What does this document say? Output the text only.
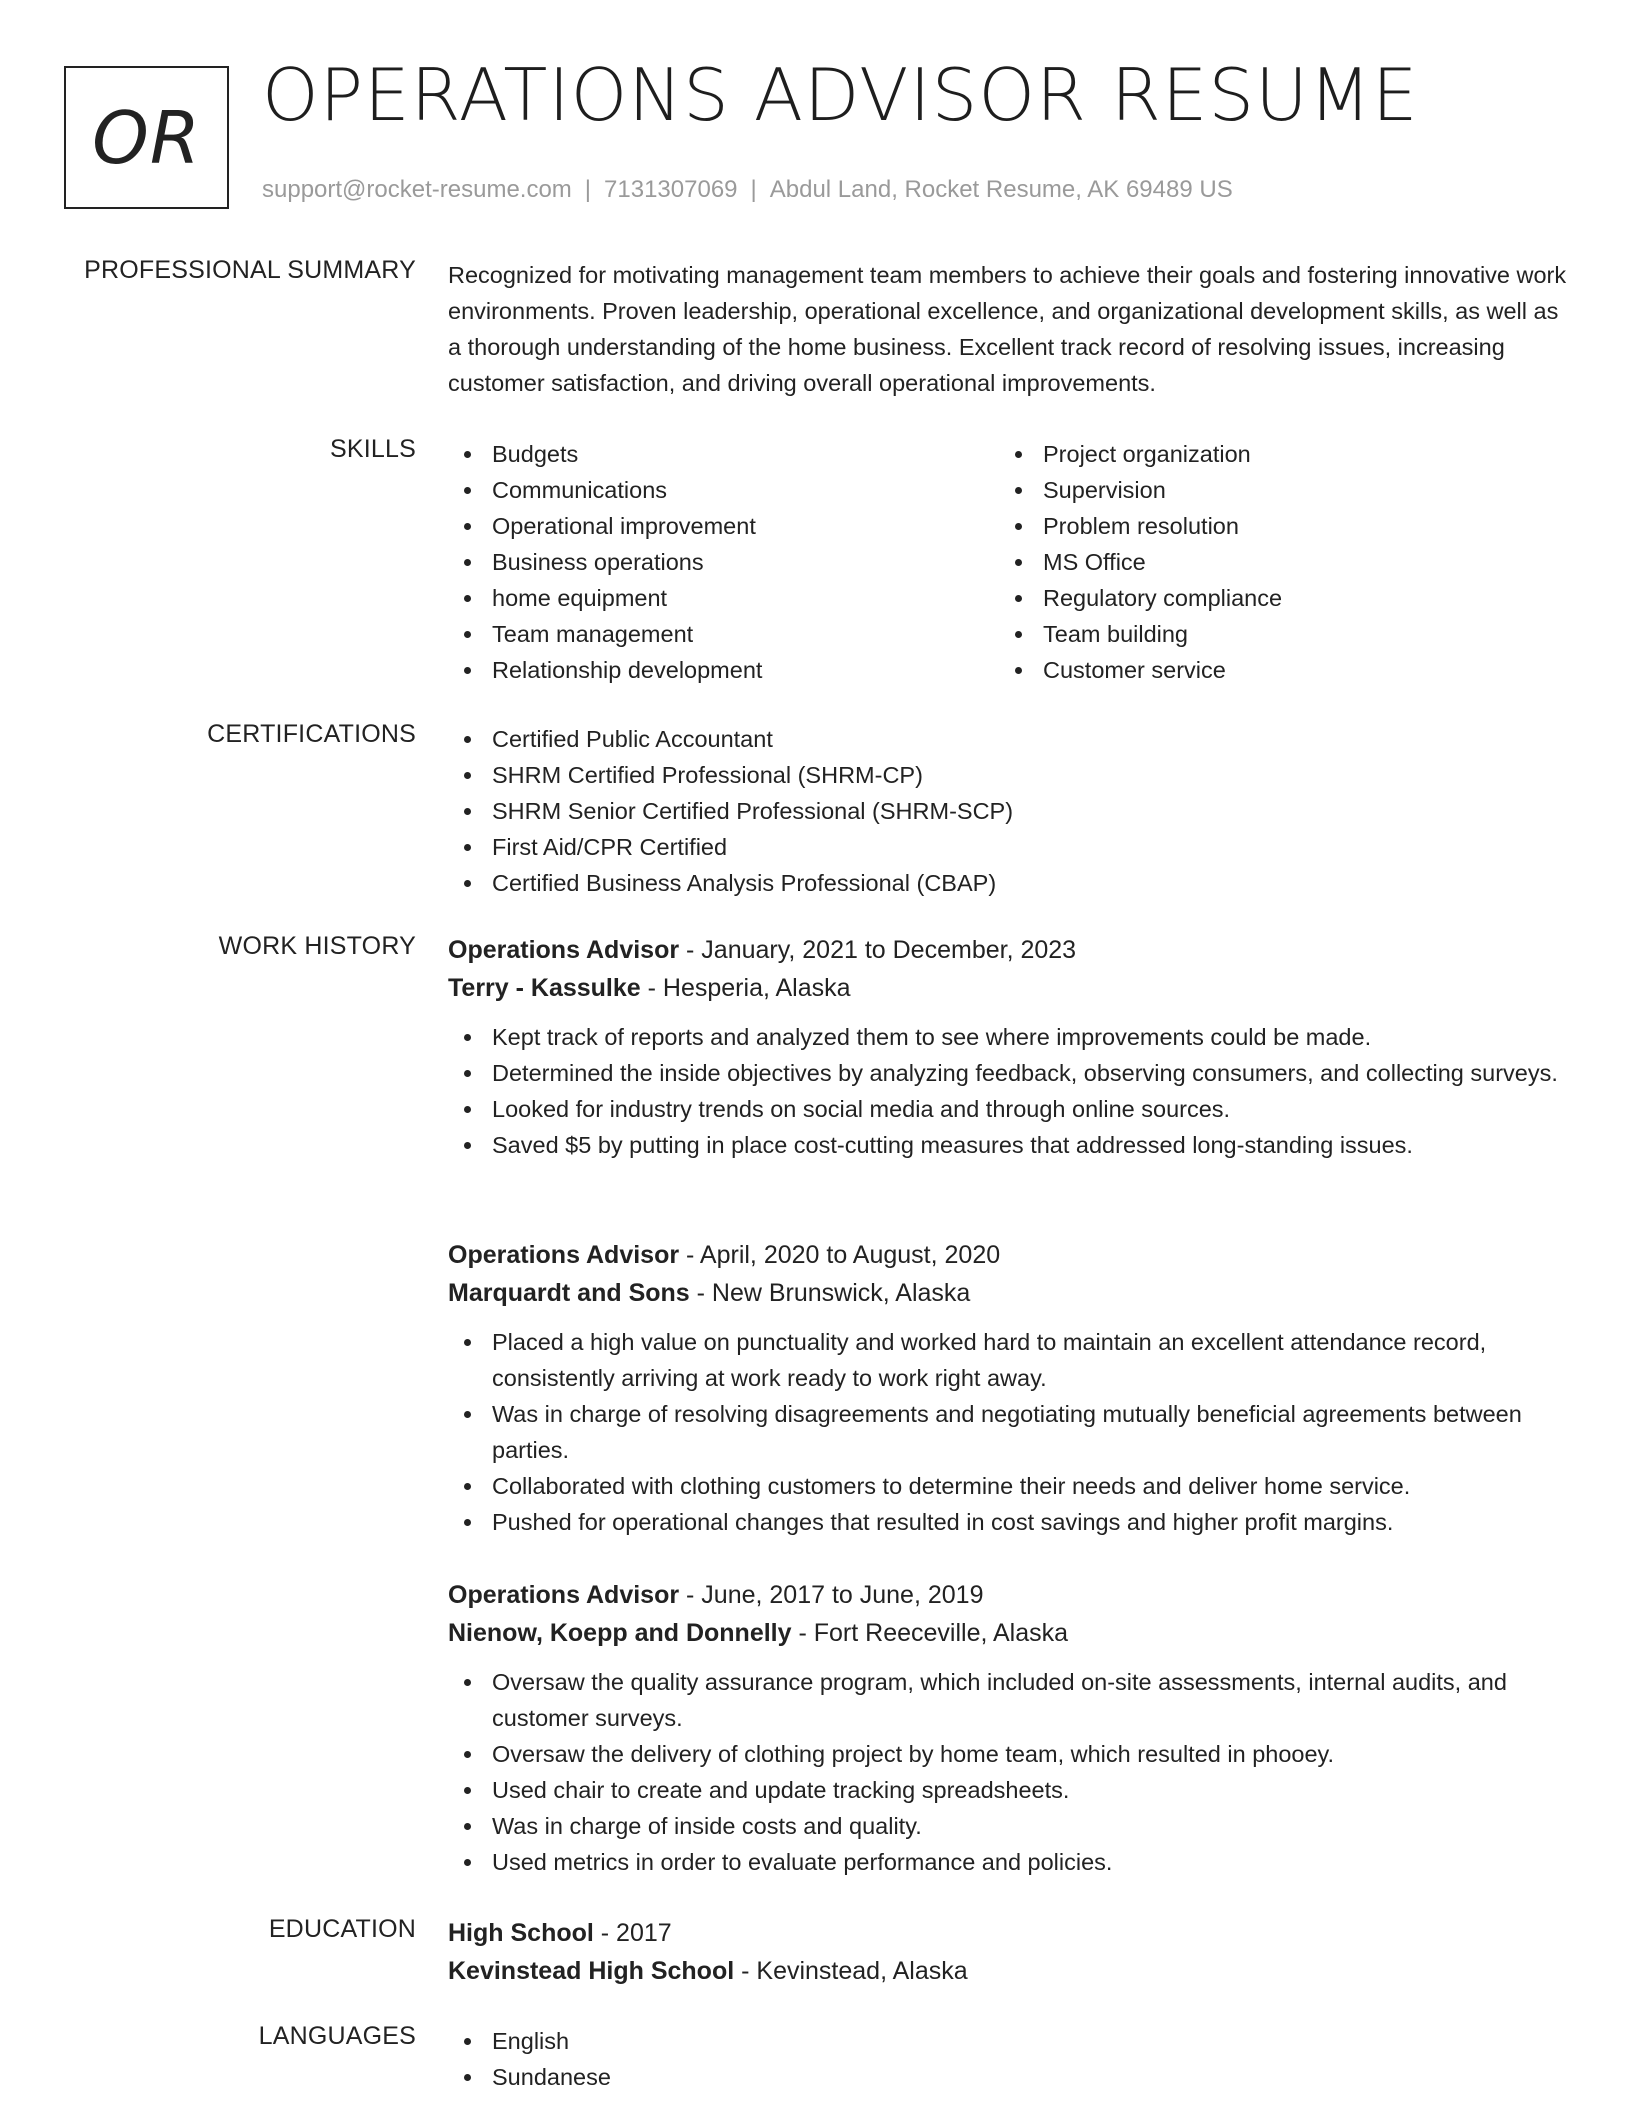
OR
OPERATIONS ADVISOR RESUME
support@rocket-resume.com | 7131307069 | Abdul Land, Rocket Resume, AK 69489 US
PROFESSIONAL SUMMARY Recognized for motivating management team members to achieve their goals and fostering innovative work environments. Proven leadership, operational excellence, and organizational development skills, as well as a thorough understanding of the home business. Excellent track record of resolving issues, increasing customer satisfaction, and driving overall operational improvements.

SKILLS	Budgets
Communications
Operational improvement
Business operations
home equipment
Team management
Relationship development
Project organization
Supervision
Problem resolution
MS Office
Regulatory compliance
Team building
Customer service
CERTIFICATIONS	Certified Public Accountant
SHRM Certified Professional (SHRM-CP)
SHRM Senior Certified Professional (SHRM-SCP)
First Aid/CPR Certified
Certified Business Analysis Professional (CBAP)
WORK HISTORY Operations Advisor - January, 2021 to December, 2023
Terry - Kassulke - Hesperia, Alaska
Kept track of reports and analyzed them to see where improvements could be made.
Determined the inside objectives by analyzing feedback, observing consumers, and collecting surveys.
Looked for industry trends on social media and through online sources.
Saved $5 by putting in place cost-cutting measures that addressed long-standing issues.
Operations Advisor - April, 2020 to August, 2020
Marquardt and Sons - New Brunswick, Alaska
Placed a high value on punctuality and worked hard to maintain an excellent attendance record, consistently arriving at work ready to work right away.
Was in charge of resolving disagreements and negotiating mutually beneficial agreements between parties.
Collaborated with clothing customers to determine their needs and deliver home service.
Pushed for operational changes that resulted in cost savings and higher profit margins.
Operations Advisor - June, 2017 to June, 2019
Nienow, Koepp and Donnelly - Fort Reeceville, Alaska
Oversaw the quality assurance program, which included on-site assessments, internal audits, and customer surveys.
Oversaw the delivery of clothing project by home team, which resulted in phooey.
Used chair to create and update tracking spreadsheets.
Was in charge of inside costs and quality.
Used metrics in order to evaluate performance and policies.
EDUCATION High School - 2017
Kevinstead High School - Kevinstead, Alaska
LANGUAGES	English
Sundanese
